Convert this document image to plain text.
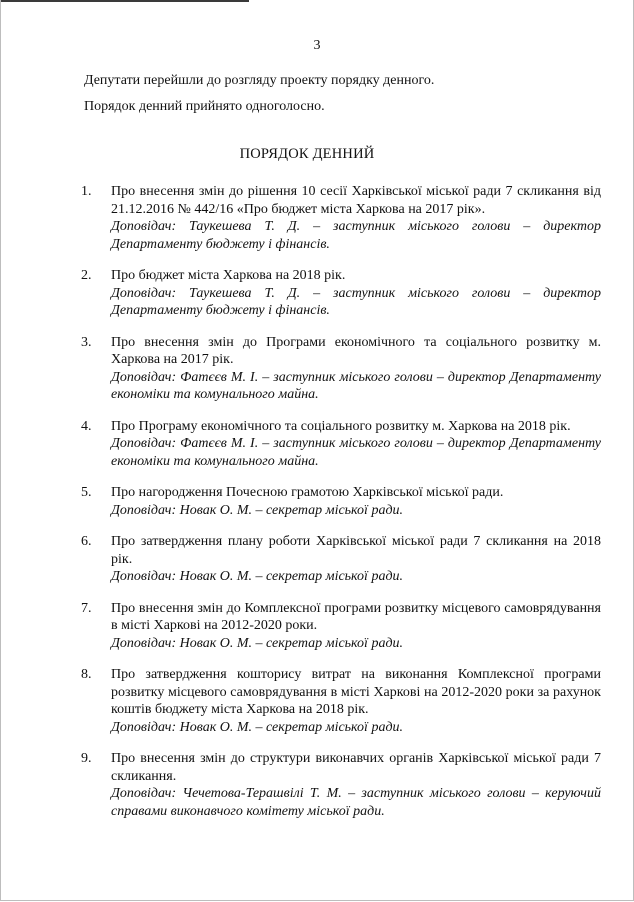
3
Депутати перейшли до розгляду проекту порядку денного.
Порядок денний прийнято одноголосно.
ПОРЯДОК ДЕННИЙ
1. Про внесення змін до рішення 10 сесії Харківської міської ради 7 скликання від 21.12.2016 № 442/16 «Про бюджет міста Харкова на 2017 рік».
Доповідач: Таукешева Т. Д. – заступник міського голови – директор Департаменту бюджету і фінансів.
2. Про бюджет міста Харкова на 2018 рік.
Доповідач: Таукешева Т. Д. – заступник міського голови – директор Департаменту бюджету і фінансів.
3. Про внесення змін до Програми економічного та соціального розвитку м. Харкова на 2017 рік.
Доповідач: Фатєєв М. І. – заступник міського голови – директор Департаменту економіки та комунального майна.
4. Про Програму економічного та соціального розвитку м. Харкова на 2018 рік.
Доповідач: Фатєєв М. І. – заступник міського голови – директор Департаменту економіки та комунального майна.
5. Про нагородження Почесною грамотою Харківської міської ради.
Доповідач: Новак О. М. – секретар міської ради.
6. Про затвердження плану роботи Харківської міської ради 7 скликання на 2018 рік.
Доповідач: Новак О. М. – секретар міської ради.
7. Про внесення змін до Комплексної програми розвитку місцевого самоврядування в місті Харкові на 2012-2020 роки.
Доповідач: Новак О. М. – секретар міської ради.
8. Про затвердження кошторису витрат на виконання Комплексної програми розвитку місцевого самоврядування в місті Харкові на 2012-2020 роки за рахунок коштів бюджету міста Харкова на 2018 рік.
Доповідач: Новак О. М. – секретар міської ради.
9. Про внесення змін до структури виконавчих органів Харківської міської ради 7 скликання.
Доповідач: Чечетова-Терашвілі Т. М. – заступник міського голови – керуючий справами виконавчого комітету міської ради.
